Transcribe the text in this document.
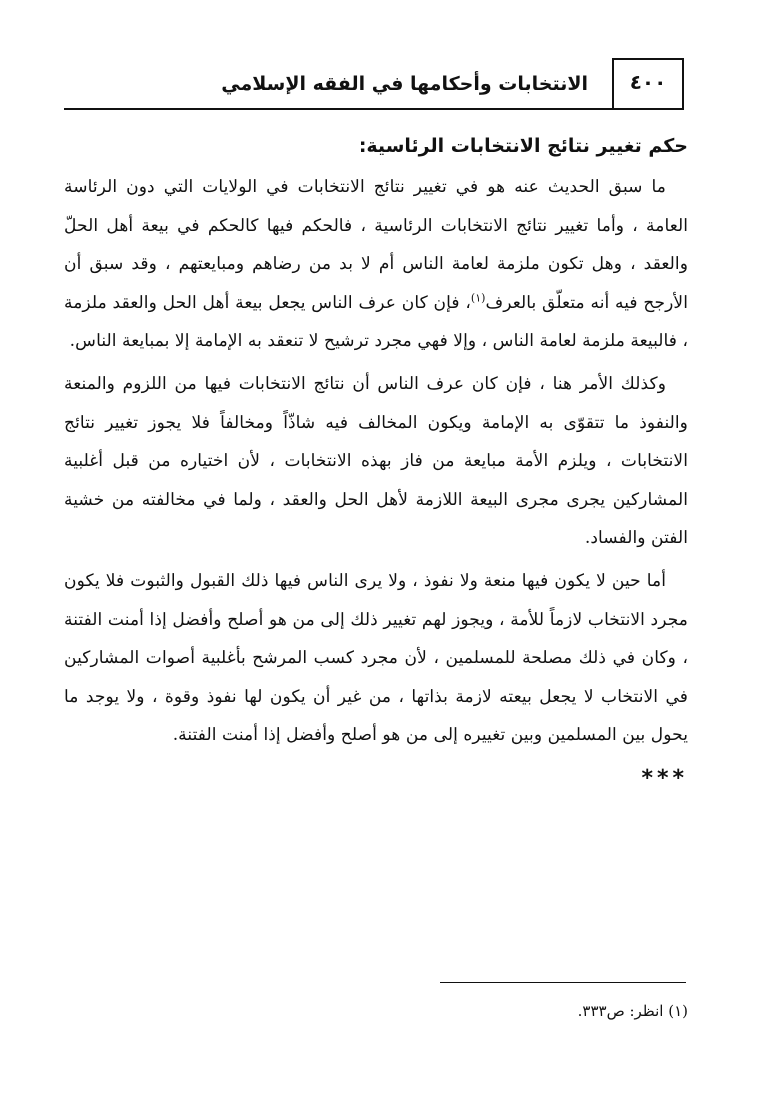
الانتخابات وأحكامها في الفقه الإسلامي	٤٠٠
حكم تغيير نتائج الانتخابات الرئاسية:

ما سبق الحديث عنه هو في تغيير نتائج الانتخابات في الولايات التي دون الرئاسة العامة ، وأما تغيير نتائج الانتخابات الرئاسية ، فالحكم فيها كالحكم في بيعة أهل الحلّ والعقد ، وهل تكون ملزمة لعامة الناس أم لا بد من رضاهم ومبايعتهم ، وقد سبق أن الأرجح فيه أنه متعلّق بالعرف$^{(١)}$، فإن كان عرف الناس يجعل بيعة أهل الحل والعقد ملزمة ، فالبيعة ملزمة لعامة الناس ، وإلا فهي مجرد ترشيح لا تنعقد به الإمامة إلا بمبايعة الناس.

وكذلك الأمر هنا ، فإن كان عرف الناس أن نتائج الانتخابات فيها من اللزوم والمنعة والنفوذ ما تتقوّى به الإمامة ويكون المخالف فيه شاذّاً ومخالفاً فلا يجوز تغيير نتائج الانتخابات ، ويلزم الأمة مبايعة من فاز بهذه الانتخابات ، لأن اختياره من قبل أغلبية المشاركين يجرى مجرى البيعة اللازمة لأهل الحل والعقد ، ولما في مخالفته من خشية الفتن والفساد.

أما حين لا يكون فيها منعة ولا نفوذ ، ولا يرى الناس فيها ذلك القبول والثبوت فلا يكون مجرد الانتخاب لازماً للأمة ، ويجوز لهم تغيير ذلك إلى من هو أصلح وأفضل إذا أمنت الفتنة ، وكان في ذلك مصلحة للمسلمين ، لأن مجرد كسب المرشح بأغلبية أصوات المشاركين في الانتخاب لا يجعل بيعته لازمة بذاتها ، من غير أن يكون لها نفوذ وقوة ، ولا يوجد ما يحول بين المسلمين وبين تغييره إلى من هو أصلح وأفضل إذا أمنت الفتنة.

***
(١) انظر: ص٣٣٣.
